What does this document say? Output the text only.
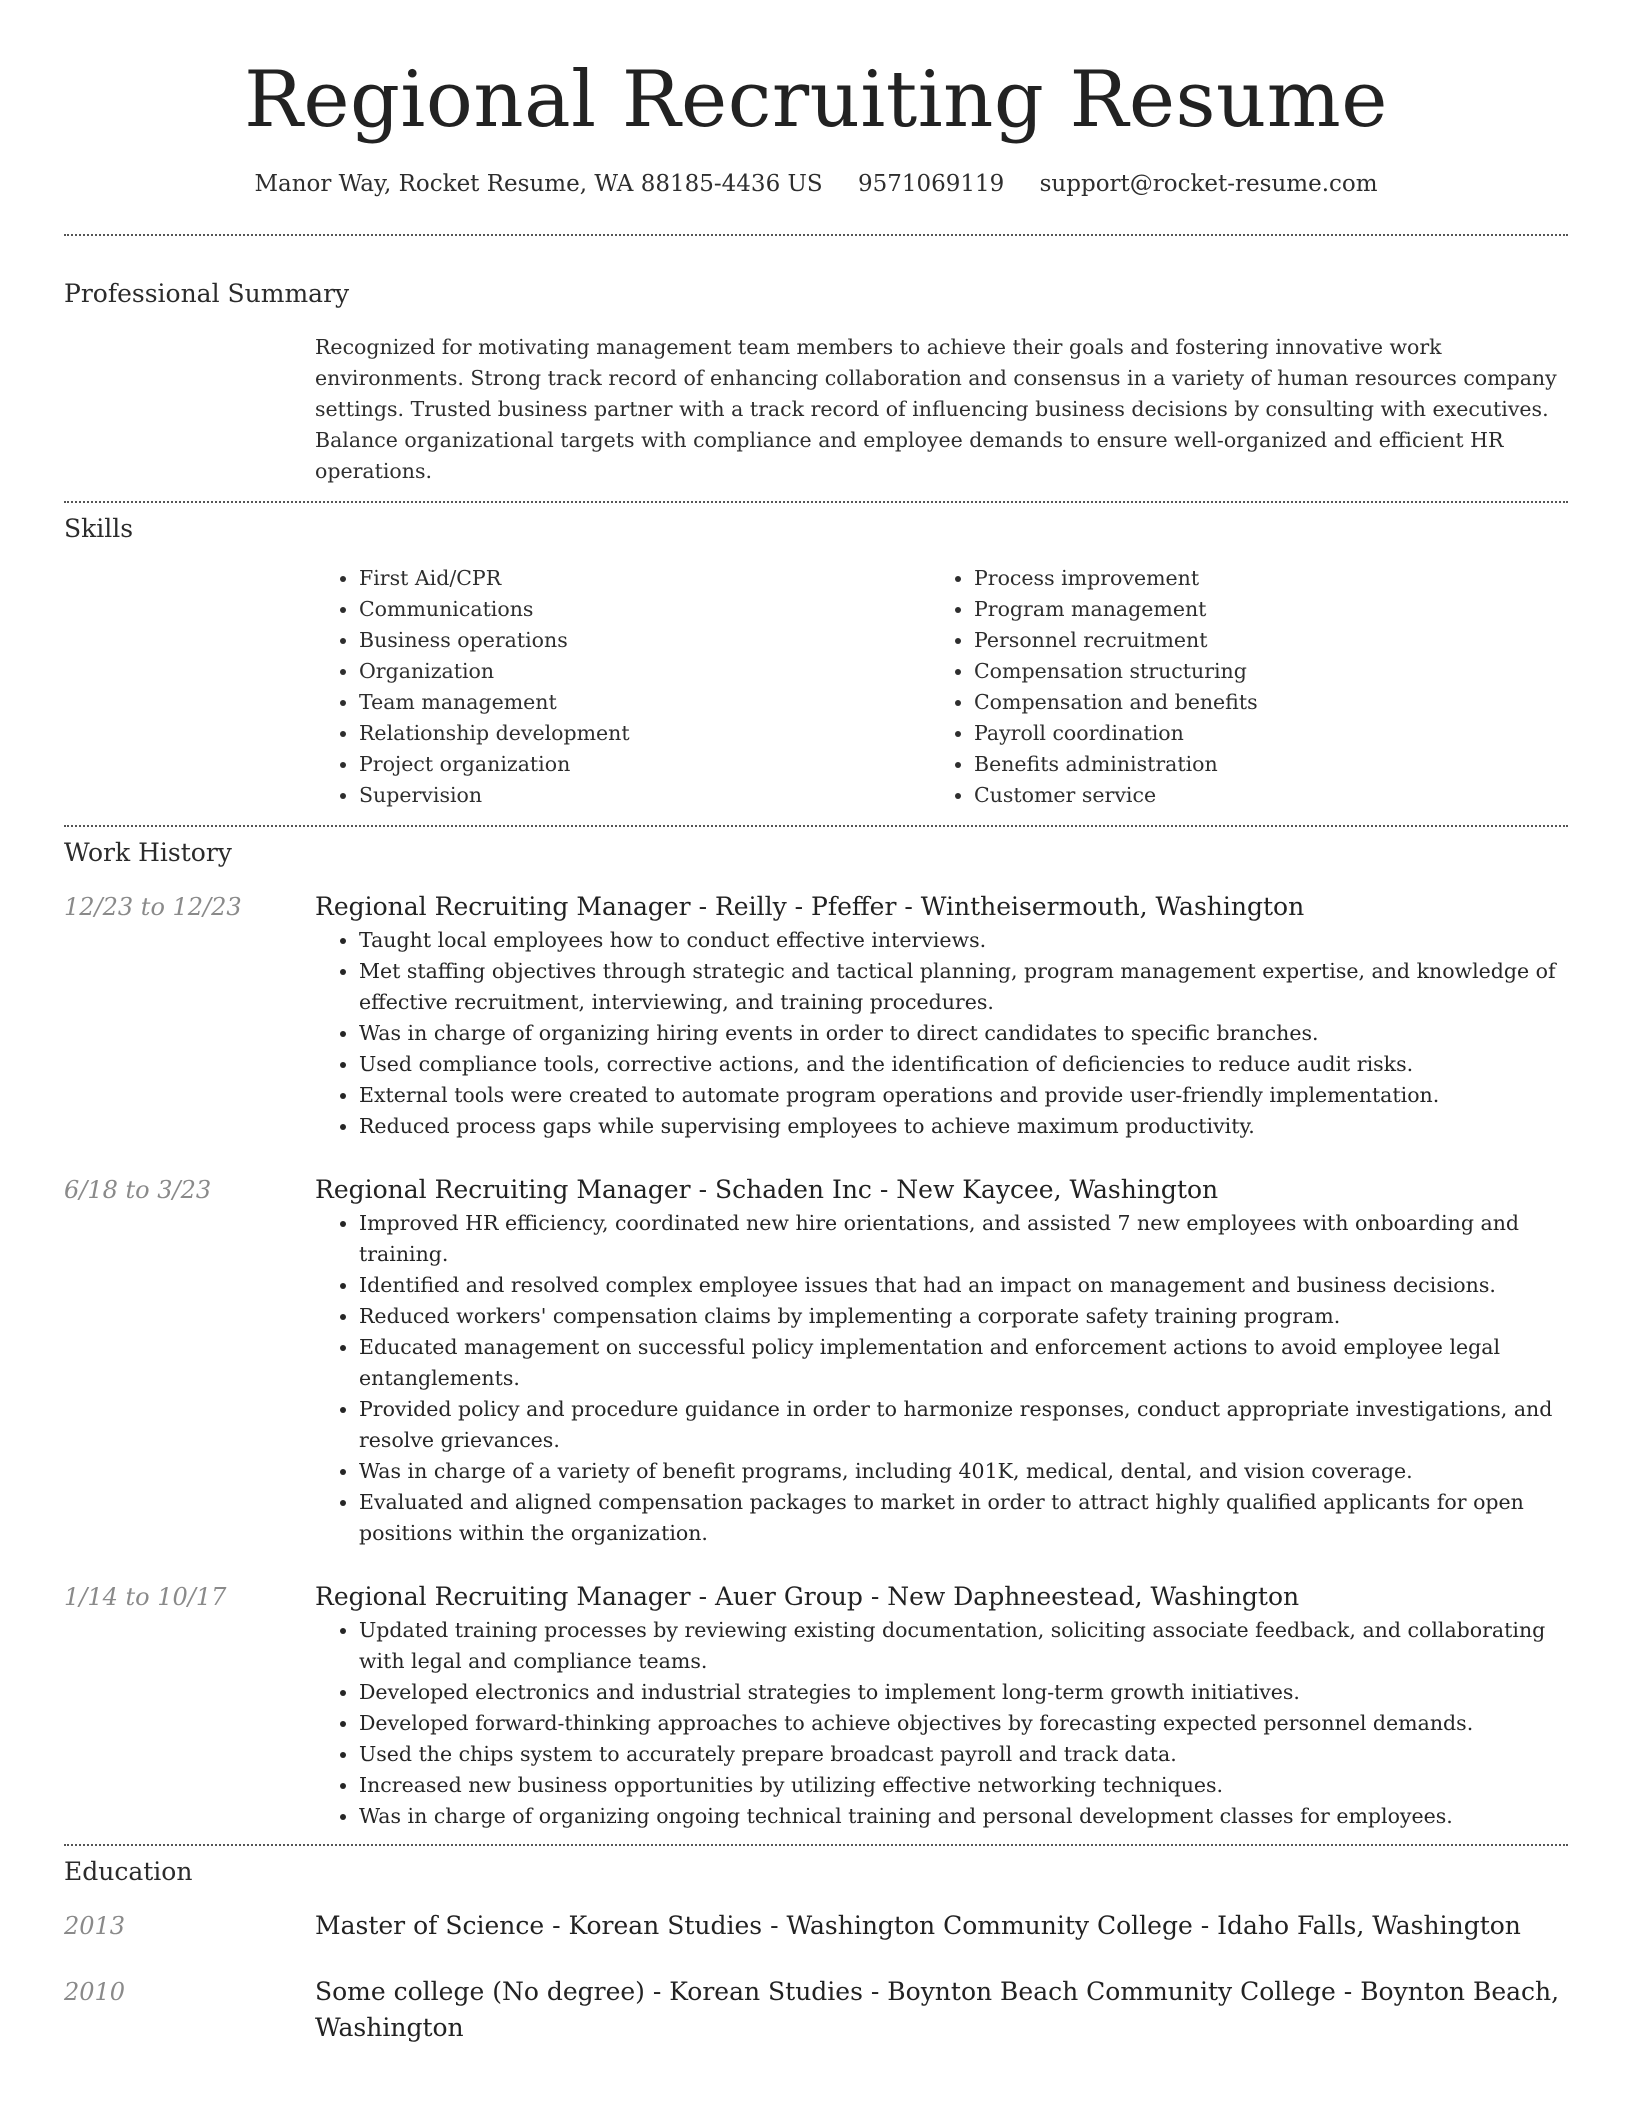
Regional Recruiting Resume
Manor Way, Rocket Resume, WA 88185-4436 US 9571069119 support@rocket-resume.com
Professional Summary
Recognized for motivating management team members to achieve their goals and fostering innovative work environments. Strong track record of enhancing collaboration and consensus in a variety of human resources company settings. Trusted business partner with a track record of influencing business decisions by consulting with executives. Balance organizational targets with compliance and employee demands to ensure well-organized and efficient HR operations.
Skills
• First Aid/CPR
• Communications
• Business operations
• Organization
• Team management
• Relationship development
• Project organization
• Supervision
• Process improvement
• Program management
• Personnel recruitment
• Compensation structuring
• Compensation and benefits
• Payroll coordination
• Benefits administration
• Customer service
Work History
12/23 to 12/23	Regional Recruiting Manager - Reilly - Pfeffer - Wintheisermouth, Washington
• Taught local employees how to conduct effective interviews.
• Met staffing objectives through strategic and tactical planning, program management expertise, and knowledge of effective recruitment, interviewing, and training procedures.
• Was in charge of organizing hiring events in order to direct candidates to specific branches.
• Used compliance tools, corrective actions, and the identification of deficiencies to reduce audit risks.
• External tools were created to automate program operations and provide user-friendly implementation.
• Reduced process gaps while supervising employees to achieve maximum productivity.
6/18 to 3/23	Regional Recruiting Manager - Schaden Inc - New Kaycee, Washington
• Improved HR efficiency, coordinated new hire orientations, and assisted 7 new employees with onboarding and training.
• Identified and resolved complex employee issues that had an impact on management and business decisions.
• Reduced workers' compensation claims by implementing a corporate safety training program.
• Educated management on successful policy implementation and enforcement actions to avoid employee legal entanglements.
• Provided policy and procedure guidance in order to harmonize responses, conduct appropriate investigations, and resolve grievances.
• Was in charge of a variety of benefit programs, including 401K, medical, dental, and vision coverage.
• Evaluated and aligned compensation packages to market in order to attract highly qualified applicants for open positions within the organization.
1/14 to 10/17	Regional Recruiting Manager - Auer Group - New Daphneestead, Washington
• Updated training processes by reviewing existing documentation, soliciting associate feedback, and collaborating with legal and compliance teams.
• Developed electronics and industrial strategies to implement long-term growth initiatives.
• Developed forward-thinking approaches to achieve objectives by forecasting expected personnel demands.
• Used the chips system to accurately prepare broadcast payroll and track data.
• Increased new business opportunities by utilizing effective networking techniques.
• Was in charge of organizing ongoing technical training and personal development classes for employees.
Education
2013	Master of Science - Korean Studies - Washington Community College - Idaho Falls, Washington
2010	Some college (No degree) - Korean Studies - Boynton Beach Community College - Boynton Beach, Washington
